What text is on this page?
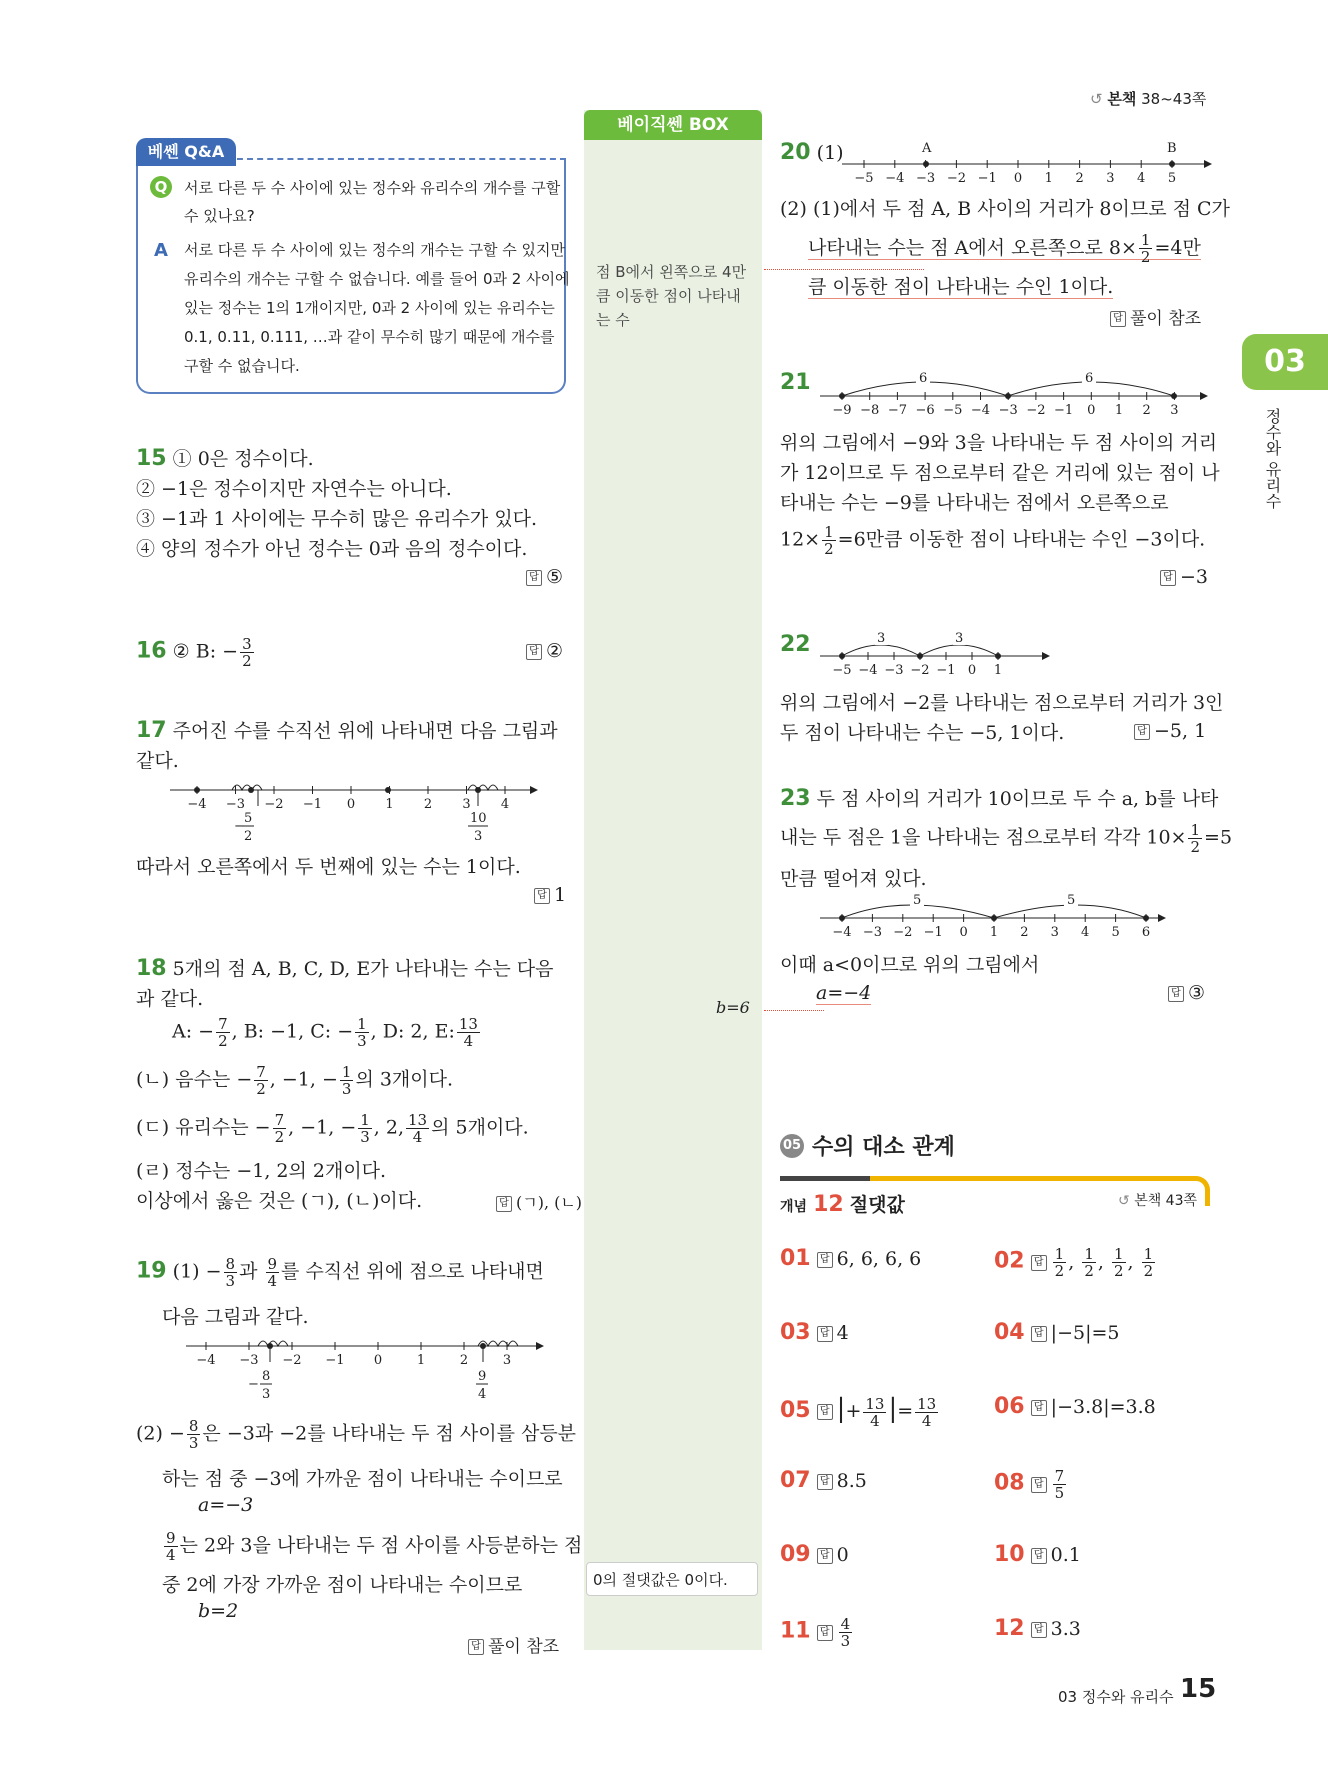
↺ 본책 38~43쪽
03
정수와 유리수
베이직쎈 BOX
점 B에서 왼쪽으로 4만
큼 이동한 점이 나타내
는 수
b=6
0의 절댓값은 0이다.
베쎈 Q&A
Q	서로 다른 두 수 사이에 있는 정수와 유리수의 개수를 구할
수 있나요?
A 서로 다른 두 수 사이에 있는 정수의 개수는 구할 수 있지만
유리수의 개수는 구할 수 없습니다. 예를 들어 0과 2 사이에
있는 정수는 1의 1개이지만, 0과 2 사이에 있는 유리수는
0.1, 0.11, 0.111, …과 같이 무수히 많기 때문에 개수를
구할 수 없습니다.
15 ① 0은 정수이다.
② −1은 정수이지만 자연수는 아니다.
③ −1과 1 사이에는 무수히 많은 유리수가 있다.
④ 양의 정수가 아닌 정수는 0과 음의 정수이다.
답 ⑤
16 ② B: − $\frac{3}{2}$	답 ②
17 주어진 수를 수직선 위에 나타내면 다음 그림과
같다.
−4 −3 −2 −1 0 1 2 3 4
−
5
2
10
3
따라서 오른쪽에서 두 번째에 있는 수는 1이다.
답 1
18 5개의 점 A, B, C, D, E가 나타내는 수는 다음
과 같다.
A: − $\frac{7}{2}$ , B: −1, C: − $\frac{1}{3}$ , D: 2, E: $\frac{13}{4}$
(ㄴ) 음수는 − $\frac{7}{2}$ , −1, − $\frac{1}{3}$ 의 3개이다.
(ㄷ) 유리수는 − $\frac{7}{2}$ , −1, − $\frac{1}{3}$ , 2, $\frac{13}{4}$ 의 5개이다.
(ㄹ) 정수는 −1, 2의 2개이다.
이상에서 옳은 것은 (ㄱ), (ㄴ)이다.	답 (ㄱ), (ㄴ)
19 $(1) - \frac{8}{3}$ 과 $\frac{9}{4}$ 를 수직선 위에 점으로 나타내면
다음 그림과 같다.
−4 −3 −2 −1 0	1	2	3
−
8
3
9
4
$(2) - \frac{8}{3}$ 은 −3과 −2를 나타내는 두 점 사이를 삼등분
하는 점 중 −3에 가까운 점이 나타내는 수이므로
a=−3
$\frac{9}{4}$ 는 2와 3을 나타내는 두 점 사이를 사등분하는 점
중 2에 가장 가까운 점이 나타내는 수이므로
b=2
답 풀이 참조
20 (1)
−5 −4 −3 −2 −1 0 1 2 3 4 5
A	B
(2) (1)에서 두 점 A, B 사이의 거리가 8이므로 점 C가
나타내는 수는 점 A에서 오른쪽으로 $8\times \frac{1}{2} =4$만
큼 이동한 점이 나타내는 수인 1이다.
답 풀이 참조
21
−9 −8 −7 −6 −5 −4 −3 −2 −1 0 1 2 3
6	6
위의 그림에서 −9와 3을 나타내는 두 점 사이의 거리
가 12이므로 두 점으로부터 같은 거리에 있는 점이 나
타내는 수는 −9를 나타내는 점에서 오른쪽으로
$12\times \frac{1}{2} =6$만큼 이동한 점이 나타내는 수인 −3이다.
답 −3
22
−5 −4 −3 −2 −1 0 1
3	3
위의 그림에서 −2를 나타내는 점으로부터 거리가 3인
두 점이 나타내는 수는 −5, 1이다.	답 −5, 1
23 두 점 사이의 거리가 10이므로 두 수 a, b를 나타
내는 두 점은 1을 나타내는 점으로부터 각각 $10\times \frac{1}{2} =5$
만큼 떨어져 있다.
−4 −3 −2 −1 0 1 2 3 4 5 6
5	5
이때 a<0이므로 위의 그림에서
a=−4	답 ③
05 수의 대소 관계
개념 12 절댓값	↺ 본책 43쪽
01 답 6, 6, 6, 6	02 답 $\frac{1}{2}$ , $\frac{1}{2}$ , $\frac{1}{2}$ , $\frac{1}{2}$
03 답 4	04 답 |−5|=5
05 답 |+ $\frac{13}{4}$ |= $\frac{13}{4}$	06 답 |−3.8|=3.8
07 답 8.5	08 답 $\frac{7}{5}$
09 답 0	10 답 0.1
11 답 $\frac{4}{3}$	12 답 3.3
03 정수와 유리수 15
